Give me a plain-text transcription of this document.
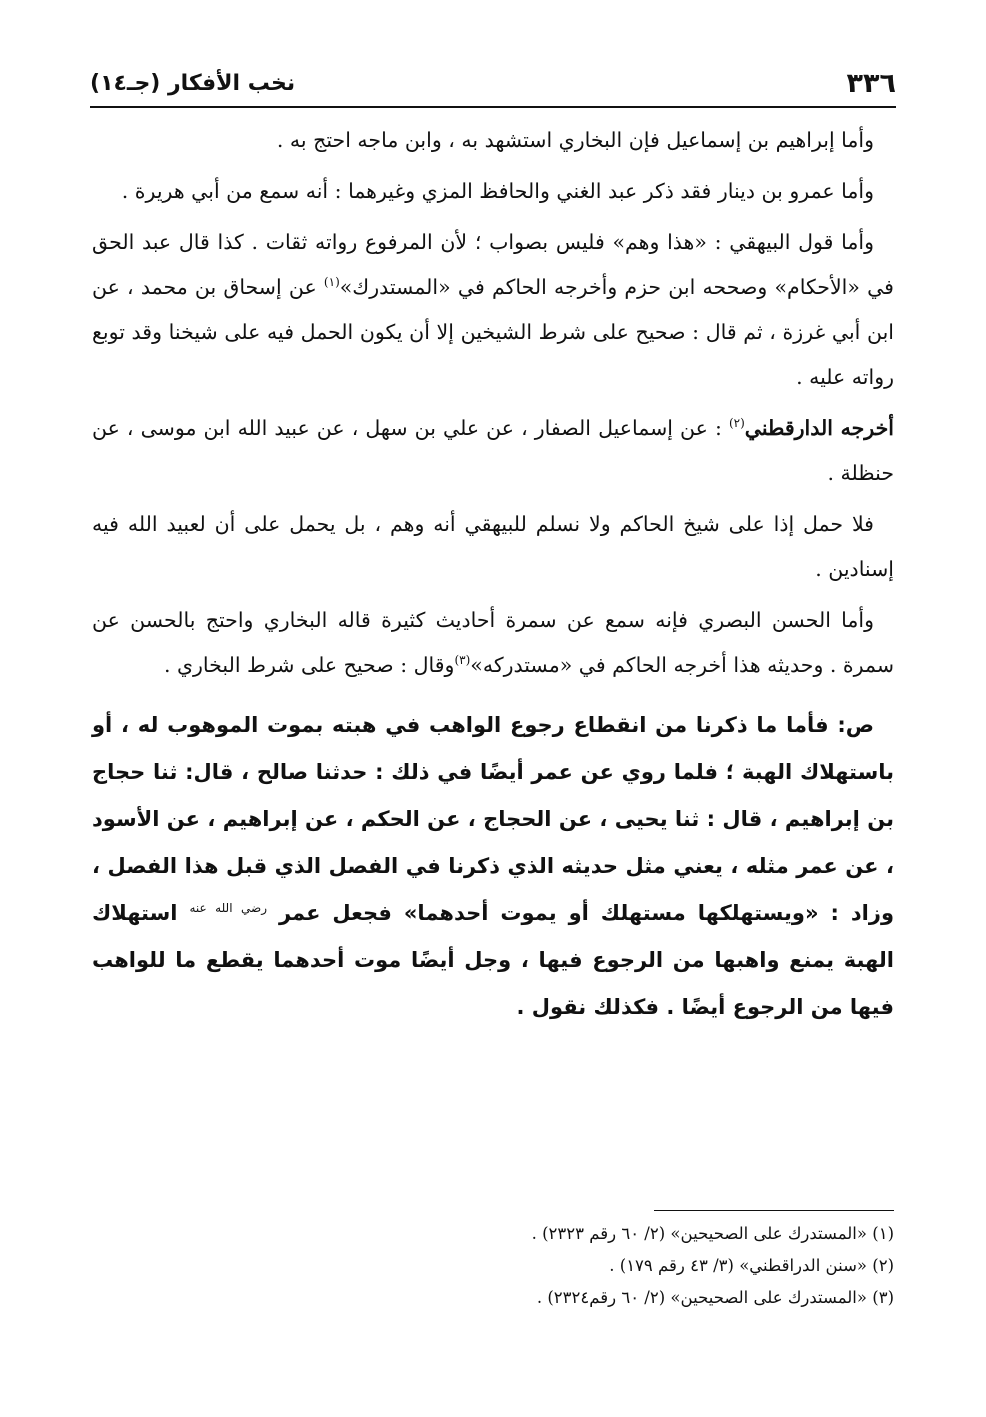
٣٣٦
نخب الأفكار (جـ١٤)

وأما إبراهيم بن إسماعيل فإن البخاري استشهد به ، وابن ماجه احتج به .

وأما عمرو بن دينار فقد ذكر عبد الغني والحافظ المزي وغيرهما : أنه سمع من أبي هريرة .

وأما قول البيهقي : «هذا وهم» فليس بصواب ؛ لأن المرفوع رواته ثقات . كذا قال عبد الحق في «الأحكام» وصححه ابن حزم وأخرجه الحاكم في «المستدرك»$^{(١)}$ عن إسحاق بن محمد ، عن ابن أبي غرزة ، ثم قال : صحيح على شرط الشيخين إلا أن يكون الحمل فيه على شيخنا وقد توبع رواته عليه .

أخرجه الدارقطني$^{(٢)}$ : عن إسماعيل الصفار ، عن علي بن سهل ، عن عبيد الله ابن موسى ، عن حنظلة .

فلا حمل إذا على شيخ الحاكم ولا نسلم للبيهقي أنه وهم ، بل يحمل على أن لعبيد الله فيه إسنادين .

وأما الحسن البصري فإنه سمع عن سمرة أحاديث كثيرة قاله البخاري واحتج بالحسن عن سمرة . وحديثه هذا أخرجه الحاكم في «مستدركه»$^{(٣)}$وقال : صحيح على شرط البخاري .

ص: فأما ما ذكرنا من انقطاع رجوع الواهب في هبته بموت الموهوب له ، أو باستهلاك الهبة ؛ فلما روي عن عمر أيضًا في ذلك : حدثنا صالح ، قال: ثنا حجاج بن إبراهيم ، قال : ثنا يحيى ، عن الحجاج ، عن الحكم ، عن إبراهيم ، عن الأسود ، عن عمر مثله ، يعني مثل حديثه الذي ذكرنا في الفصل الذي قبل هذا الفصل ، وزاد : «ويستهلكها مستهلك أو يموت أحدهما» فجعل عمر $^{رضي الله عنه}$ استهلاك الهبة يمنع واهبها من الرجوع فيها ، وجل أيضًا موت أحدهما يقطع ما للواهب فيها من الرجوع أيضًا . فكذلك نقول .

(١) «المستدرك على الصحيحين» (٢/ ٦٠ رقم ٢٣٢٣) .

(٢) «سنن الدراقطني» (٣/ ٤٣ رقم ١٧٩) .

(٣) «المستدرك على الصحيحين» (٢/ ٦٠ رقم٢٣٢٤) .
